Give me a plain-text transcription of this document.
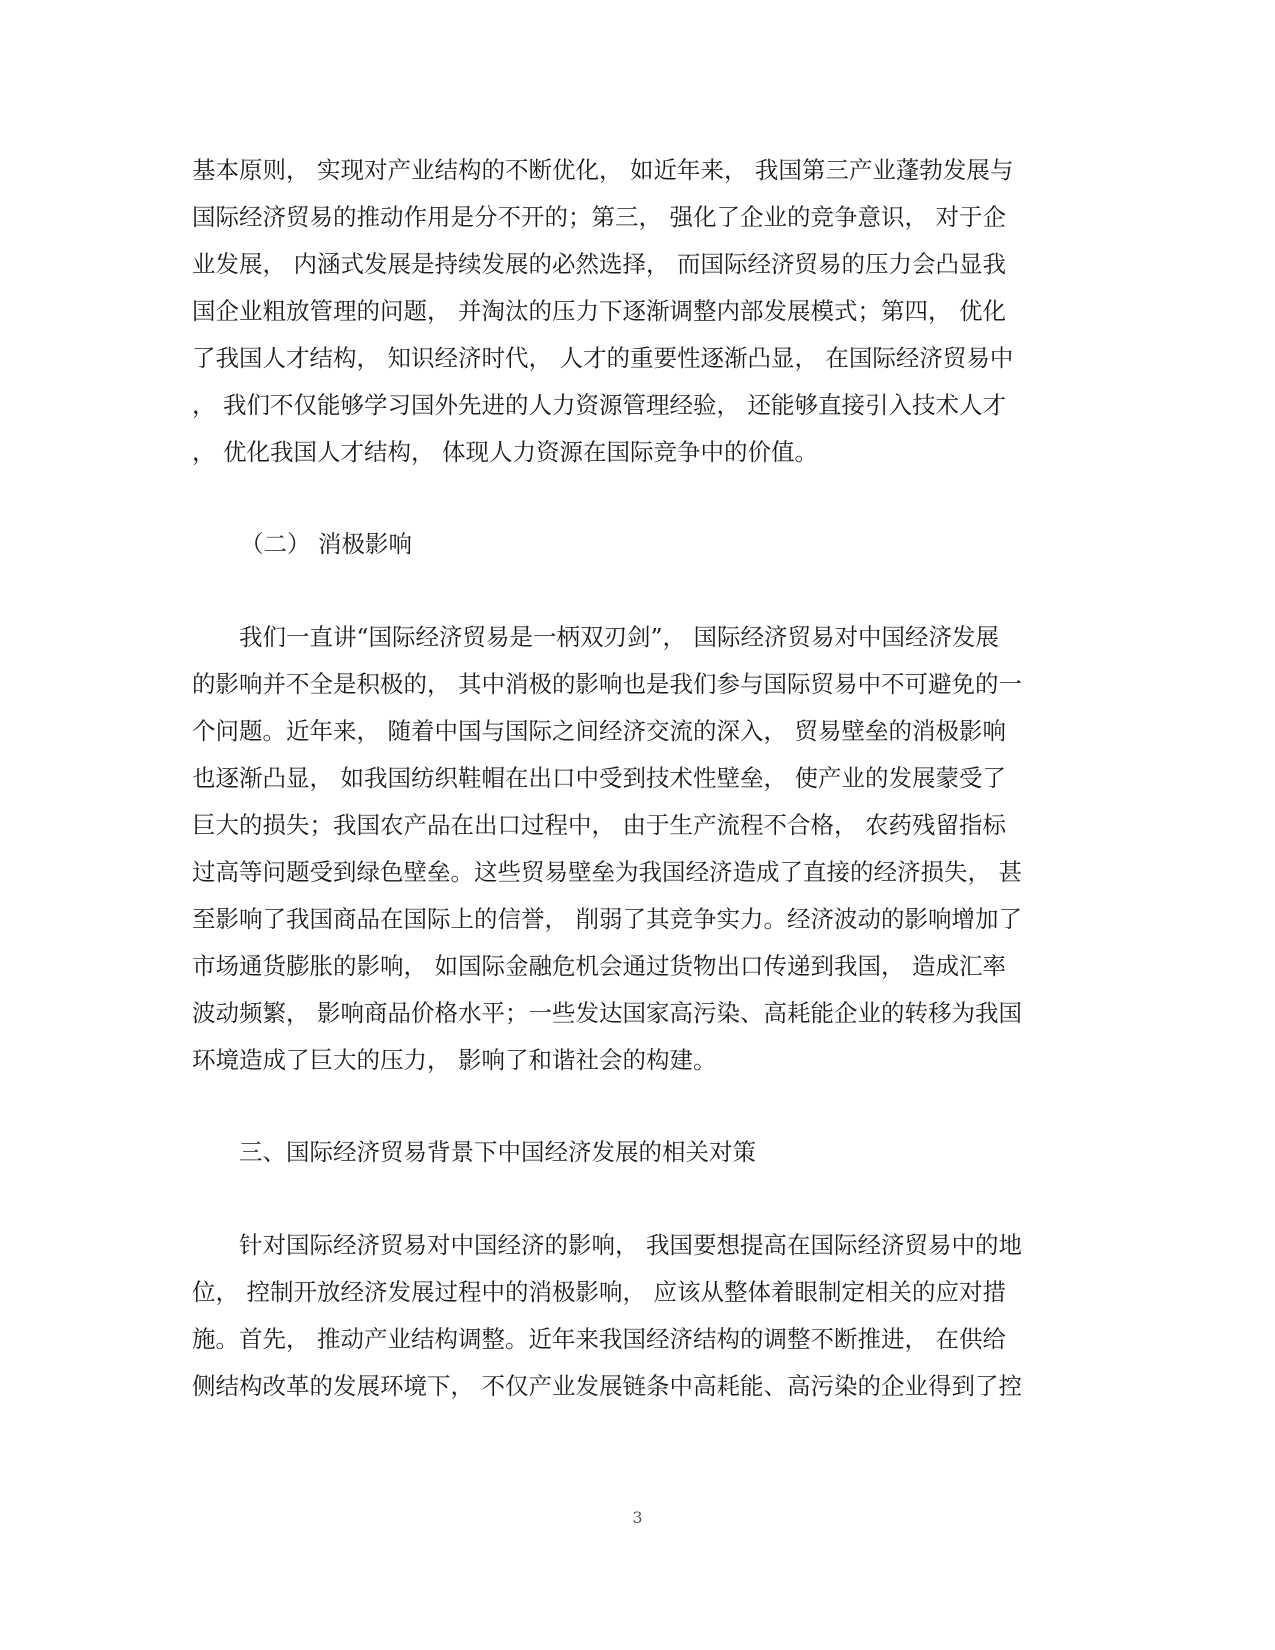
基本原则， 实现对产业结构的不断优化， 如近年来， 我国第三产业蓬勃发展与
国际经济贸易的推动作用是分不开的；第三， 强化了企业的竞争意识， 对于企
业发展， 内涵式发展是持续发展的必然选择， 而国际经济贸易的压力会凸显我
国企业粗放管理的问题， 并淘汰的压力下逐渐调整内部发展模式；第四， 优化
了我国人才结构， 知识经济时代， 人才的重要性逐渐凸显， 在国际经济贸易中
， 我们不仅能够学习国外先进的人力资源管理经验， 还能够直接引入技术人才
， 优化我国人才结构， 体现人力资源在国际竞争中的价值。
（二） 消极影响
　　我们一直讲“国际经济贸易是一柄双刃剑”， 国际经济贸易对中国经济发展
的影响并不全是积极的， 其中消极的影响也是我们参与国际贸易中不可避免的一
个问题。近年来， 随着中国与国际之间经济交流的深入， 贸易壁垒的消极影响
也逐渐凸显， 如我国纺织鞋帽在出口中受到技术性壁垒， 使产业的发展蒙受了
巨大的损失；我国农产品在出口过程中， 由于生产流程不合格， 农药残留指标
过高等问题受到绿色壁垒。这些贸易壁垒为我国经济造成了直接的经济损失， 甚
至影响了我国商品在国际上的信誉， 削弱了其竞争实力。经济波动的影响增加了
市场通货膨胀的影响， 如国际金融危机会通过货物出口传递到我国， 造成汇率
波动频繁， 影响商品价格水平；一些发达国家高污染、高耗能企业的转移为我国
环境造成了巨大的压力， 影响了和谐社会的构建。
　　三、国际经济贸易背景下中国经济发展的相关对策
　　针对国际经济贸易对中国经济的影响， 我国要想提高在国际经济贸易中的地
位， 控制开放经济发展过程中的消极影响， 应该从整体着眼制定相关的应对措
施。首先， 推动产业结构调整。近年来我国经济结构的调整不断推进， 在供给
侧结构改革的发展环境下， 不仅产业发展链条中高耗能、高污染的企业得到了控
3
